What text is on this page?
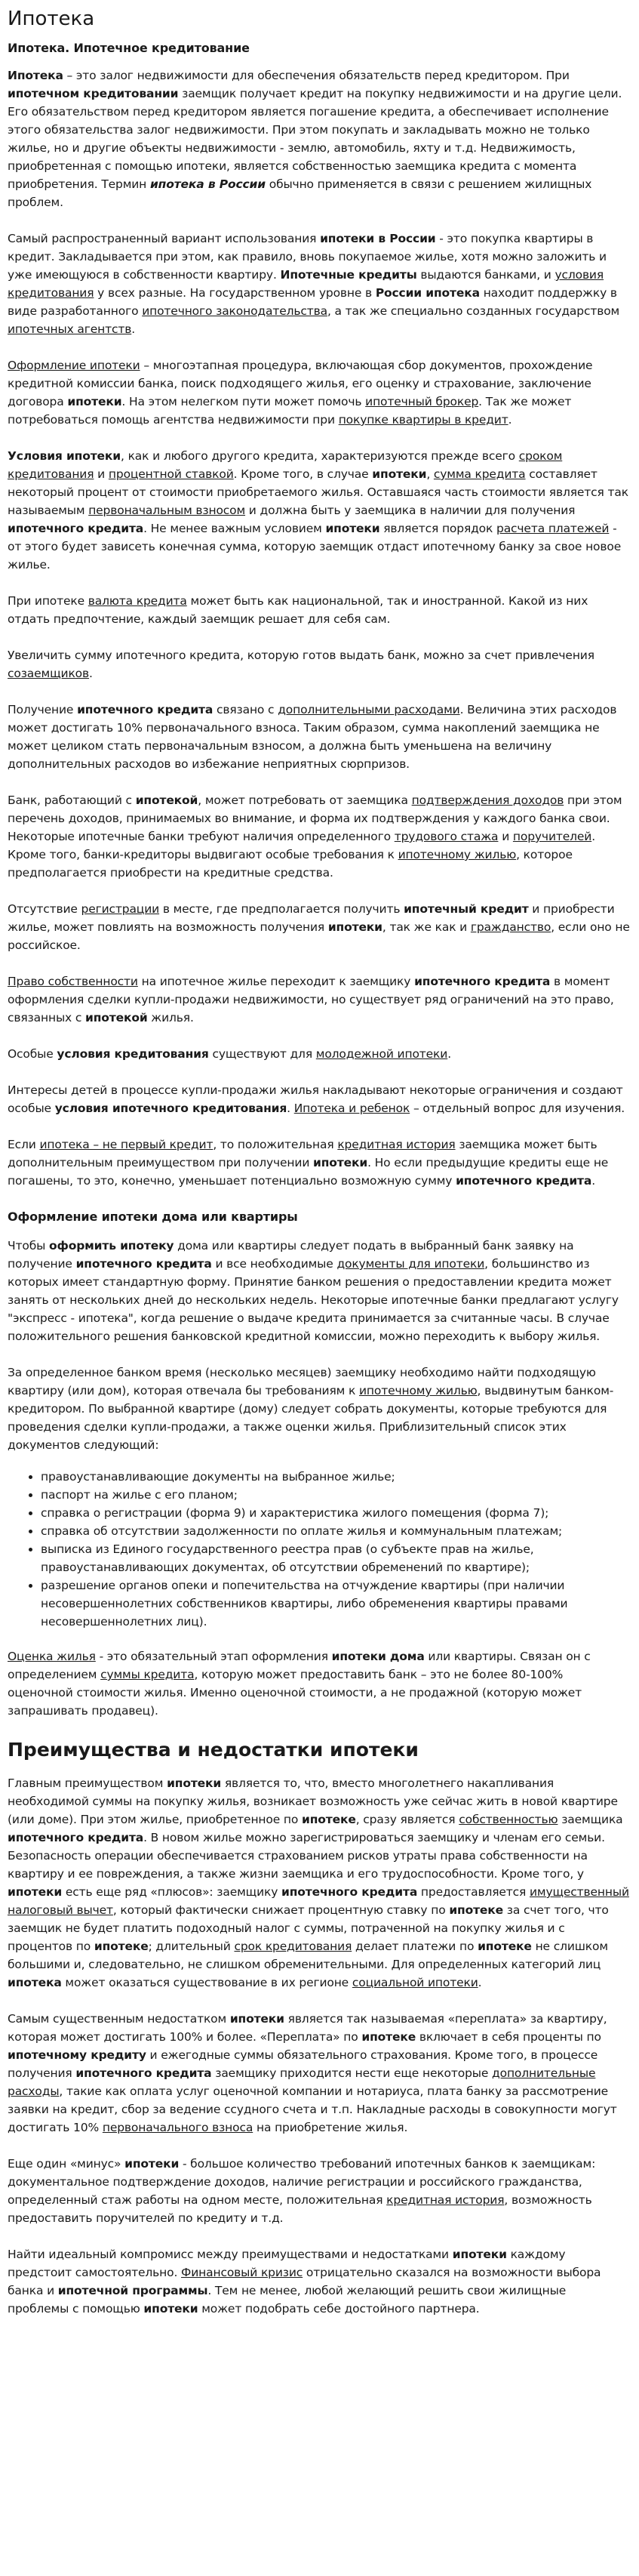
Ипотека
Ипотека. Ипотечное кредитование

Ипотека – это залог недвижимости для обеспечения обязательств перед кредитором. При ипотечном кредитовании заемщик получает кредит на покупку недвижимости и на другие цели. Его обязательством перед кредитором является погашение кредита, а обеспечивает исполнение этого обязательства залог недвижимости. При этом покупать и закладывать можно не только жилье, но и другие объекты недвижимости - землю, автомобиль, яхту и т.д. Недвижимость, приобретенная с помощью ипотеки, является собственностью заемщика кредита с момента приобретения. Термин ипотека в России обычно применяется в связи с решением жилищных проблем.

Самый распространенный вариант использования ипотеки в России - это покупка квартиры в кредит. Закладывается при этом, как правило, вновь покупаемое жилье, хотя можно заложить и уже имеющуюся в собственности квартиру. Ипотечные кредиты выдаются банками, и условия кредитования у всех разные. На государственном уровне в России ипотека находит поддержку в виде разработанного ипотечного законодательства, а так же специально созданных государством ипотечных агентств.

Оформление ипотеки – многоэтапная процедура, включающая сбор документов, прохождение кредитной комиссии банка, поиск подходящего жилья, его оценку и страхование, заключение договора ипотеки. На этом нелегком пути может помочь ипотечный брокер. Так же может потребоваться помощь агентства недвижимости при покупке квартиры в кредит.

Условия ипотеки, как и любого другого кредита, характеризуются прежде всего сроком кредитования и процентной ставкой. Кроме того, в случае ипотеки, сумма кредита составляет некоторый процент от стоимости приобретаемого жилья. Оставшаяся часть стоимости является так называемым первоначальным взносом и должна быть у заемщика в наличии для получения ипотечного кредита. Не менее важным условием ипотеки является порядок расчета платежей - от этого будет зависеть конечная сумма, которую заемщик отдаст ипотечному банку за свое новое жилье.

При ипотеке валюта кредита может быть как национальной, так и иностранной. Какой из них отдать предпочтение, каждый заемщик решает для себя сам.

Увеличить сумму ипотечного кредита, которую готов выдать банк, можно за счет привлечения созаемщиков.

Получение ипотечного кредита связано с дополнительными расходами. Величина этих расходов может достигать 10% первоначального взноса. Таким образом, сумма накоплений заемщика не может целиком стать первоначальным взносом, а должна быть уменьшена на величину дополнительных расходов во избежание неприятных сюрпризов.

Банк, работающий с ипотекой, может потребовать от заемщика подтверждения доходов при этом перечень доходов, принимаемых во внимание, и форма их подтверждения у каждого банка свои. Некоторые ипотечные банки требуют наличия определенного трудового стажа и поручителей. Кроме того, банки-кредиторы выдвигают особые требования к ипотечному жилью, которое предполагается приобрести на кредитные средства.

Отсутствие регистрации в месте, где предполагается получить ипотечный кредит и приобрести жилье, может повлиять на возможность получения ипотеки, так же как и гражданство, если оно не российское.

Право собственности на ипотечное жилье переходит к заемщику ипотечного кредита в момент оформления сделки купли-продажи недвижимости, но существует ряд ограничений на это право, связанных с ипотекой жилья.

Особые условия кредитования существуют для молодежной ипотеки.

Интересы детей в процессе купли-продажи жилья накладывают некоторые ограничения и создают особые условия ипотечного кредитования. Ипотека и ребенок – отдельный вопрос для изучения.

Если ипотека – не первый кредит, то положительная кредитная история заемщика может быть дополнительным преимуществом при получении ипотеки. Но если предыдущие кредиты еще не погашены, то это, конечно, уменьшает потенциально возможную сумму ипотечного кредита.

Оформление ипотеки дома или квартиры

Чтобы оформить ипотеку дома или квартиры следует подать в выбранный банк заявку на получение ипотечного кредита и все необходимые документы для ипотеки, большинство из которых имеет стандартную форму. Принятие банком решения о предоставлении кредита может занять от нескольких дней до нескольких недель. Некоторые ипотечные банки предлагают услугу "экспресс - ипотека", когда решение о выдаче кредита принимается за считанные часы. В случае положительного решения банковской кредитной комиссии, можно переходить к выбору жилья.

За определенное банком время (несколько месяцев) заемщику необходимо найти подходящую квартиру (или дом), которая отвечала бы требованиям к ипотечному жилью, выдвинутым банком-кредитором. По выбранной квартире (дому) следует собрать документы, которые требуются для проведения сделки купли-продажи, а также оценки жилья. Приблизительный список этих документов следующий:

• правоустанавливающие документы на выбранное жилье;
• паспорт на жилье с его планом;
• справка о регистрации (форма 9) и характеристика жилого помещения (форма 7);
• справка об отсутствии задолженности по оплате жилья и коммунальным платежам;
• выписка из Единого государственного реестра прав (о субъекте прав на жилье, правоустанавливающих документах, об отсутствии обременений по квартире);
• разрешение органов опеки и попечительства на отчуждение квартиры (при наличии несовершеннолетних собственников квартиры, либо обременения квартиры правами несовершеннолетних лиц).

Оценка жилья - это обязательный этап оформления ипотеки дома или квартиры. Связан он с определением суммы кредита, которую может предоставить банк – это не более 80-100% оценочной стоимости жилья. Именно оценочной стоимости, а не продажной (которую может запрашивать продавец).

Преимущества и недостатки ипотеки

Главным преимуществом ипотеки является то, что, вместо многолетнего накапливания необходимой суммы на покупку жилья, возникает возможность уже сейчас жить в новой квартире (или доме). При этом жилье, приобретенное по ипотеке, сразу является собственностью заемщика ипотечного кредита. В новом жилье можно зарегистрироваться заемщику и членам его семьи. Безопасность операции обеспечивается страхованием рисков утраты права собственности на квартиру и ее повреждения, а также жизни заемщика и его трудоспособности. Кроме того, у ипотеки есть еще ряд «плюсов»: заемщику ипотечного кредита предоставляется имущественный налоговый вычет, который фактически снижает процентную ставку по ипотеке за счет того, что заемщик не будет платить подоходный налог с суммы, потраченной на покупку жилья и с процентов по ипотеке; длительный срок кредитования делает платежи по ипотеке не слишком большими и, следовательно, не слишком обременительными. Для определенных категорий лиц ипотека может оказаться существование в их регионе социальной ипотеки.

Самым существенным недостатком ипотеки является так называемая «переплата» за квартиру, которая может достигать 100% и более. «Переплата» по ипотеке включает в себя проценты по ипотечному кредиту и ежегодные суммы обязательного страхования. Кроме того, в процессе получения ипотечного кредита заемщику приходится нести еще некоторые дополнительные расходы, такие как оплата услуг оценочной компании и нотариуса, плата банку за рассмотрение заявки на кредит, сбор за ведение ссудного счета и т.п. Накладные расходы в совокупности могут достигать 10% первоначального взноса на приобретение жилья.

Еще один «минус» ипотеки - большое количество требований ипотечных банков к заемщикам: документальное подтверждение доходов, наличие регистрации и российского гражданства, определенный стаж работы на одном месте, положительная кредитная история, возможность предоставить поручителей по кредиту и т.д.

Найти идеальный компромисс между преимуществами и недостатками ипотеки каждому предстоит самостоятельно. Финансовый кризис отрицательно сказался на возможности выбора банка и ипотечной программы. Тем не менее, любой желающий решить свои жилищные проблемы с помощью ипотеки может подобрать себе достойного партнера.
